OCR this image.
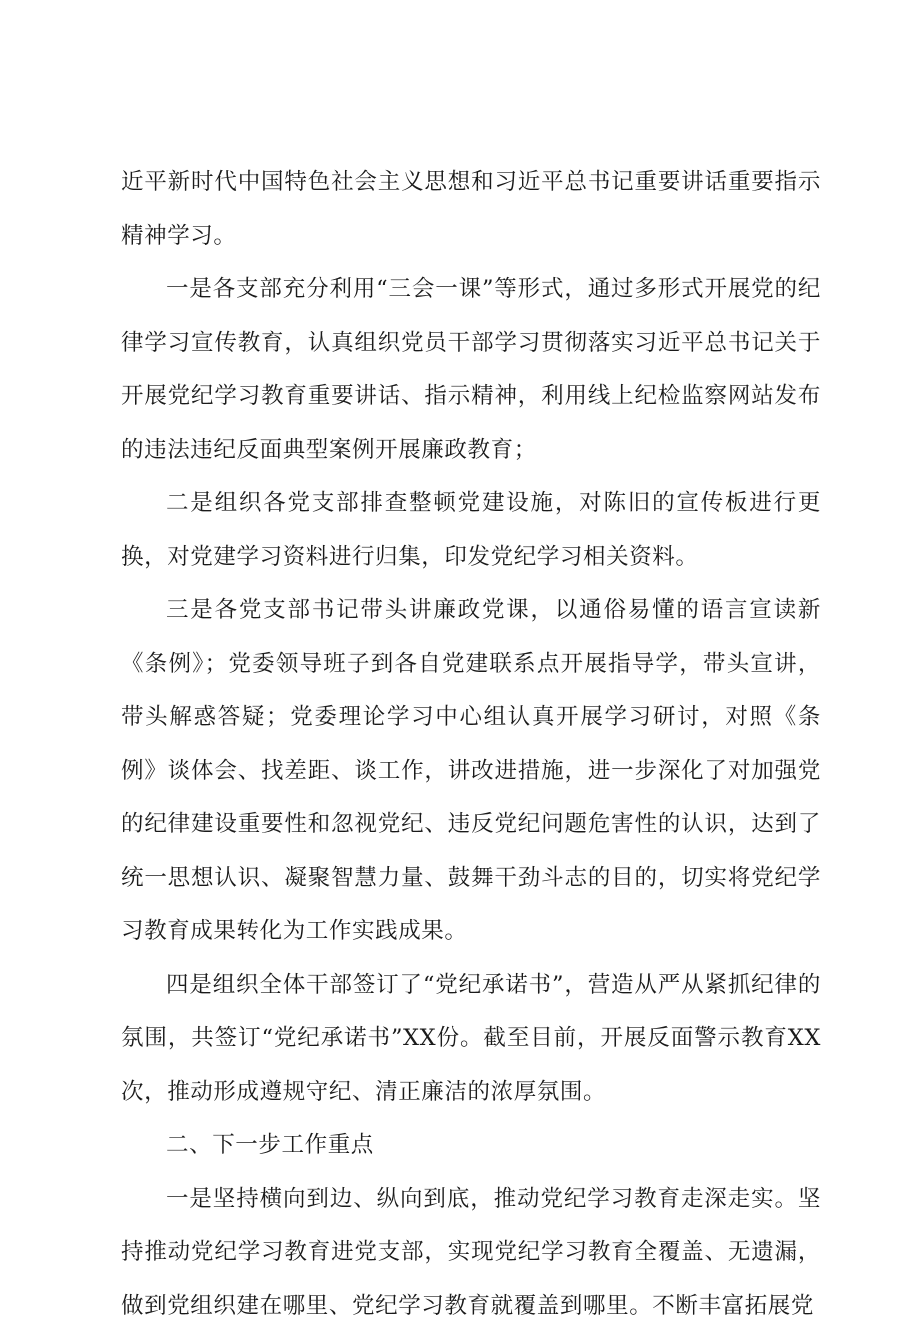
近平新时代中国特色社会主义思想和习近平总书记重要讲话重要指示精神学习。

一是各支部充分利用“三会一课”等形式，通过多形式开展党的纪律学习宣传教育，认真组织党员干部学习贯彻落实习近平总书记关于开展党纪学习教育重要讲话、指示精神，利用线上纪检监察网站发布的违法违纪反面典型案例开展廉政教育；

二是组织各党支部排查整顿党建设施，对陈旧的宣传板进行更换，对党建学习资料进行归集，印发党纪学习相关资料。

三是各党支部书记带头讲廉政党课，以通俗易懂的语言宣读新《条例》；党委领导班子到各自党建联系点开展指导学，带头宣讲，带头解惑答疑；党委理论学习中心组认真开展学习研讨，对照《条例》谈体会、找差距、谈工作，讲改进措施，进一步深化了对加强党的纪律建设重要性和忽视党纪、违反党纪问题危害性的认识，达到了统一思想认识、凝聚智慧力量、鼓舞干劲斗志的目的，切实将党纪学习教育成果转化为工作实践成果。

四是组织全体干部签订了“党纪承诺书”，营造从严从紧抓纪律的氛围，共签订“党纪承诺书”XX份。截至目前，开展反面警示教育XX次，推动形成遵规守纪、清正廉洁的浓厚氛围。

二、下一步工作重点

一是坚持横向到边、纵向到底，推动党纪学习教育走深走实。坚持推动党纪学习教育进党支部，实现党纪学习教育全覆盖、无遗漏，做到党组织建在哪里、党纪学习教育就覆盖到哪里。不断丰富拓展党
